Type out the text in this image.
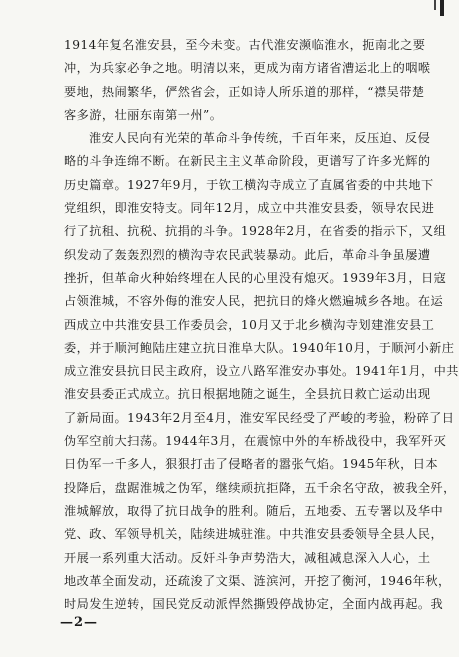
1914年复名淮安县，至今未变。古代淮安濒临淮水，扼南北之要
冲，为兵家必争之地。明清以来，更成为南方诸省漕运北上的咽喉
要地，热闹繁华，俨然省会，正如诗人所乐道的那样，“襟吴带楚
客多游，壮丽东南第一州”。
淮安人民向有光荣的革命斗争传统，千百年来，反压迫、反侵
略的斗争连绵不断。在新民主主义革命阶段，更谱写了许多光辉的
历史篇章。1927年9月，于钦工横沟寺成立了直属省委的中共地下
党组织，即淮安特支。同年12月，成立中共淮安县委，领导农民进
行了抗租、抗税、抗捐的斗争。1928年2月，在省委的指示下，又组
织发动了轰轰烈烈的横沟寺农民武装暴动。此后，革命斗争虽屡遭
挫折，但革命火种始终埋在人民的心里没有熄灭。1939年3月，日寇
占领淮城，不容外侮的淮安人民，把抗日的烽火燃遍城乡各地。在运
西成立中共淮安县工作委员会，10月又于北乡横沟寺划建淮安县工
委，并于顺河鲍陆庄建立抗日淮阜大队。1940年10月，于顺河小新庄
成立淮安县抗日民主政府，设立八路军淮安办事处。1941年1月，中共
淮安县委正式成立。抗日根据地随之诞生，全县抗日救亡运动出现
了新局面。1943年2月至4月，淮安军民经受了严峻的考验，粉碎了日
伪军空前大扫荡。1944年3月，在震惊中外的车桥战役中，我军歼灭
日伪军一千多人，狠狠打击了侵略者的嚣张气焰。1945年秋，日本
投降后，盘踞淮城之伪军，继续顽抗拒降，五千余名守敌，被我全歼，
淮城解放，取得了抗日战争的胜利。随后，五地委、五专署以及华中
党、政、军领导机关，陆续进城驻淮。中共淮安县委领导全县人民，
开展一系列重大活动。反奸斗争声势浩大，减租减息深入人心，土
地改革全面发动，还疏浚了文渠、涟滨河，开挖了衡河，1946年秋，
时局发生逆转，国民党反动派悍然撕毁停战协定，全面内战再起。我
—2—
